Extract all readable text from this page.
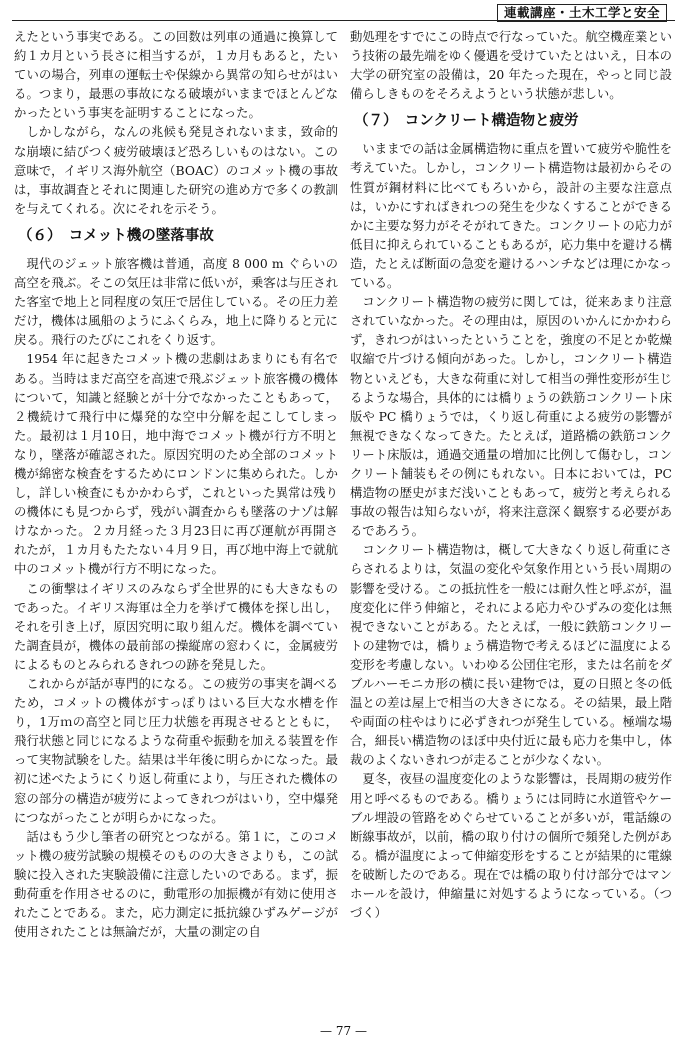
連載講座・土木工学と安全

えたという事実である。この回数は列車の通過に換算して約１カ月という長さに相当するが，１カ月もあると，たいていの場合，列車の運転士や保線から異常の知らせがはいる。つまり，最悪の事故になる破壊がいままでほとんどなかったという事実を証明することになった。

しかしながら，なんの兆候も発見されないまま，致命的な崩壊に結びつく疲労破壊ほど恐ろしいものはない。この意味で，イギリス海外航空（BOAC）のコメット機の事故は，事故調査とそれに関連した研究の進め方で多くの教訓を与えてくれる。次にそれを示そう。

（６）　コメット機の墜落事故

現代のジェット旅客機は普通，高度 8 000 m ぐらいの高空を飛ぶ。そこの気圧は非常に低いが，乗客は与圧された客室で地上と同程度の気圧で居住している。その圧力差だけ，機体は風船のようにふくらみ，地上に降りると元に戻る。飛行のたびにこれをくり返す。

1954 年に起きたコメット機の悲劇はあまりにも有名である。当時はまだ高空を高速で飛ぶジェット旅客機の機体について，知識と経験とが十分でなかったこともあって，２機続けて飛行中に爆発的な空中分解を起こしてしまった。最初は１月10日，地中海でコメット機が行方不明となり，墜落が確認された。原因究明のため全部のコメット機が綿密な検査をするためにロンドンに集められた。しかし，詳しい検査にもかかわらず，これといった異常は残りの機体にも見つからず，残がい調査からも墜落のナゾは解けなかった。２カ月経った３月23日に再び運航が再開されたが，１カ月もたたない４月９日，再び地中海上で就航中のコメット機が行方不明になった。

この衝撃はイギリスのみならず全世界的にも大きなものであった。イギリス海軍は全力を挙げて機体を探し出し，それを引き上げ，原因究明に取り組んだ。機体を調べていた調査員が，機体の最前部の操縦席の窓わくに，金属疲労によるものとみられるきれつの跡を発見した。

これからが話が専門的になる。この疲労の事実を調べるため，コメットの機体がすっぽりはいる巨大な水槽を作り，1万ｍの高空と同じ圧力状態を再現させるとともに，飛行状態と同じになるような荷重や振動を加える装置を作って実物試験をした。結果は半年後に明らかになった。最初に述べたようにくり返し荷重により，与圧された機体の窓の部分の構造が疲労によってきれつがはいり，空中爆発につながったことが明らかになった。

話はもう少し筆者の研究とつながる。第１に，このコメット機の疲労試験の規模そのものの大きさよりも，この試験に投入された実験設備に注意したいのである。まず，振動荷重を作用させるのに，動電形の加振機が有効に使用されたことである。また，応力測定に抵抗線ひずみゲージが使用されたことは無論だが，大量の測定の自

動処理をすでにこの時点で行なっていた。航空機産業という技術の最先端をゆく優遇を受けていたとはいえ，日本の大学の研究室の設備は，20 年たった現在，やっと同じ設備らしきものをそろえようという状態が悲しい。

（７）　コンクリート構造物と疲労

いままでの話は金属構造物に重点を置いて疲労や脆性を考えていた。しかし，コンクリート構造物は最初からその性質が鋼材料に比べてもろいから，設計の主要な注意点は，いかにすればきれつの発生を少なくすることができるかに主要な努力がそそがれてきた。コンクリートの応力が低目に抑えられていることもあるが，応力集中を避ける構造，たとえば断面の急変を避けるハンチなどは理にかなっている。

コンクリート構造物の疲労に関しては，従来あまり注意されていなかった。その理由は，原因のいかんにかかわらず，きれつがはいったということを，強度の不足とか乾燥収縮で片づける傾向があった。しかし，コンクリート構造物といえども，大きな荷重に対して相当の弾性変形が生じるような場合，具体的には橋りょうの鉄筋コンクリート床版や PC 橋りょうでは，くり返し荷重による疲労の影響が無視できなくなってきた。たとえば，道路橋の鉄筋コンクリート床版は，通過交通量の増加に比例して傷むし，コンクリート舗装もその例にもれない。日本においては，PC 構造物の歴史がまだ浅いこともあって，疲労と考えられる事故の報告は知らないが，将来注意深く観察する必要があるであろう。

コンクリート構造物は，概して大きなくり返し荷重にさらされるよりは，気温の変化や気象作用という長い周期の影響を受ける。この抵抗性を一般には耐久性と呼ぶが，温度変化に伴う伸縮と，それによる応力やひずみの変化は無視できないことがある。たとえば，一般に鉄筋コンクリートの建物では，橋りょう構造物で考えるほどに温度による変形を考慮しない。いわゆる公団住宅形，または名前をダブルハーモニカ形の横に長い建物では，夏の日照と冬の低温との差は屋上で相当の大きさになる。その結果，最上階や両面の柱やはりに必ずきれつが発生している。極端な場合，細長い構造物のほぼ中央付近に最も応力を集中し，体裁のよくないきれつが走ることが少なくない。

夏冬，夜昼の温度変化のような影響は，長周期の疲労作用と呼べるものである。橋りょうには同時に水道管やケーブル埋設の管路をめぐらせていることが多いが，電話線の断線事故が，以前，橋の取り付けの個所で頻発した例がある。橋が温度によって伸縮変形をすることが結果的に電線を破断したのである。現在では橋の取り付け部分ではマンホールを設け，伸縮量に対処するようになっている。（つづく）

— 77 —
